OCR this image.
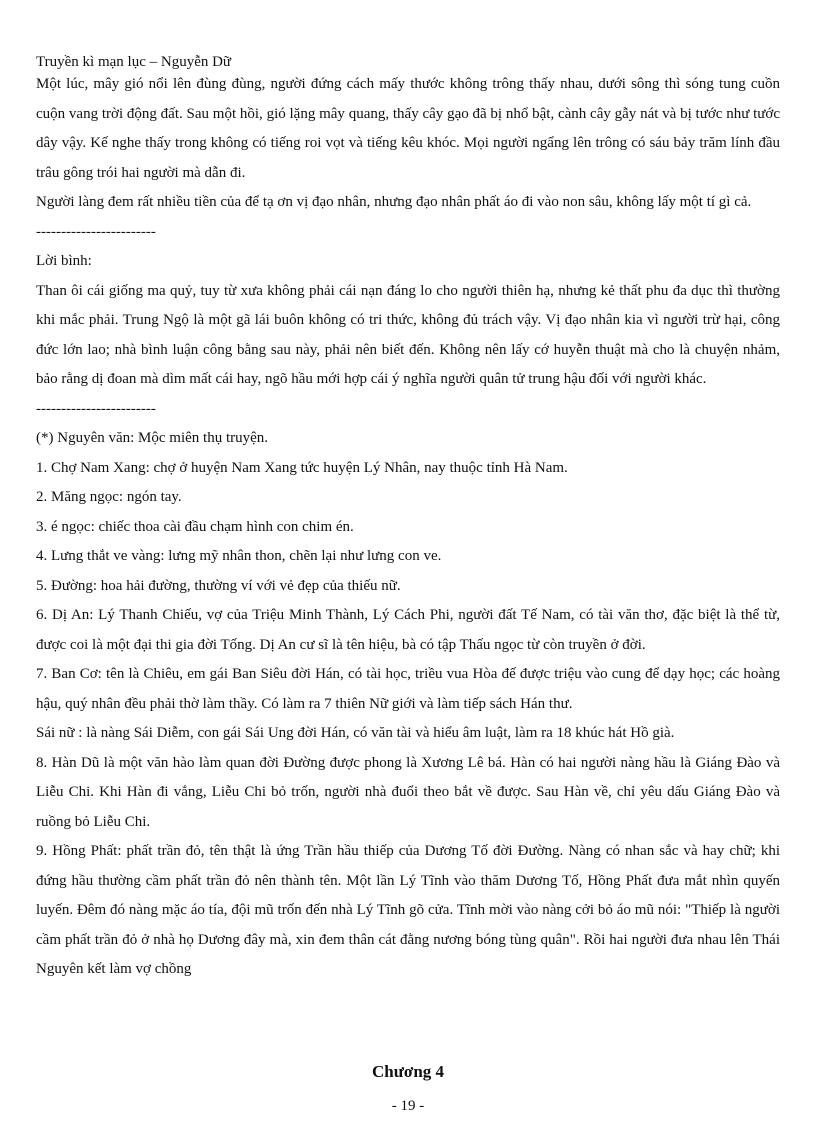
Truyền kì mạn lục – Nguyễn Dữ

Một lúc, mây gió nổi lên đùng đùng, người đứng cách mấy thước không trông thấy nhau, dưới sông thì sóng tung cuồn cuộn vang trời động đất. Sau một hồi, gió lặng mây quang, thấy cây gạo đã bị nhổ bật, cành cây gẫy nát và bị tước như tước dây vậy. Kế nghe thấy trong không có tiếng roi vọt và tiếng kêu khóc. Mọi người ngẩng lên trông có sáu bảy trăm lính đầu trâu gông trói hai người mà dẫn đi.

Người làng đem rất nhiều tiền của để tạ ơn vị đạo nhân, nhưng đạo nhân phất áo đi vào non sâu, không lấy một tí gì cả.

------------------------

Lời bình:

Than ôi cái giống ma quỷ, tuy từ xưa không phải cái nạn đáng lo cho người thiên hạ, nhưng kẻ thất phu đa dục thì thường khi mắc phải. Trung Ngộ là một gã lái buôn không có tri thức, không đủ trách vậy. Vị đạo nhân kia vì người trừ hại, công đức lớn lao; nhà bình luận công bằng sau này, phải nên biết đến. Không nên lấy cớ huyễn thuật mà cho là chuyện nhảm, bảo rằng dị đoan mà dìm mất cái hay, ngõ hầu mới hợp cái ý nghĩa người quân tử trung hậu đối với người khác.

------------------------

(*) Nguyên văn: Mộc miên thụ truyện.

1. Chợ Nam Xang: chợ ở huyện Nam Xang tức huyện Lý Nhân, nay thuộc tỉnh Hà Nam.

2. Măng ngọc: ngón tay.

3. é ngọc: chiếc thoa cài đầu chạm hình con chim én.

4. Lưng thắt ve vàng: lưng mỹ nhân thon, chẽn lại như lưng con ve.

5. Đường: hoa hải đường, thường ví với vẻ đẹp của thiếu nữ.

6. Dị An: Lý Thanh Chiếu, vợ của Triệu Minh Thành, Lý Cách Phi, người đất Tế Nam, có tài văn thơ, đặc biệt là thể từ, được coi là một đại thi gia đời Tống. Dị An cư sĩ là tên hiệu, bà có tập Thấu ngọc từ còn truyền ở đời.

7. Ban Cơ: tên là Chiêu, em gái Ban Siêu đời Hán, có tài học, triều vua Hòa đế được triệu vào cung để dạy học; các hoàng hậu, quý nhân đều phải thờ làm thầy. Có làm ra 7 thiên Nữ giới và làm tiếp sách Hán thư.

Sái nữ : là nàng Sái Diễm, con gái Sái Ung đời Hán, có văn tài và hiểu âm luật, làm ra 18 khúc hát Hồ già.

8. Hàn Dũ là một văn hào làm quan đời Đường được phong là Xương Lê bá. Hàn có hai người nàng hầu là Giáng Đào và Liễu Chi. Khi Hàn đi vắng, Liễu Chi bỏ trốn, người nhà đuổi theo bắt về được. Sau Hàn về, chỉ yêu dấu Giáng Đào và ruồng bỏ Liễu Chi.

9. Hồng Phất: phất trần đỏ, tên thật là ứng Trần hầu thiếp của Dương Tố đời Đường. Nàng có nhan sắc và hay chữ; khi đứng hầu thường cầm phất trần đỏ nên thành tên. Một lần Lý Tĩnh vào thăm Dương Tố, Hồng Phất đưa mắt nhìn quyến luyến. Đêm đó nàng mặc áo tía, đội mũ trốn đến nhà Lý Tĩnh gõ cửa. Tĩnh mời vào nàng cởi bỏ áo mũ nói: "Thiếp là người cầm phất trần đỏ ở nhà họ Dương đây mà, xin đem thân cát đằng nương bóng tùng quân". Rồi hai người đưa nhau lên Thái Nguyên kết làm vợ chồng

Chương 4
- 19 -
